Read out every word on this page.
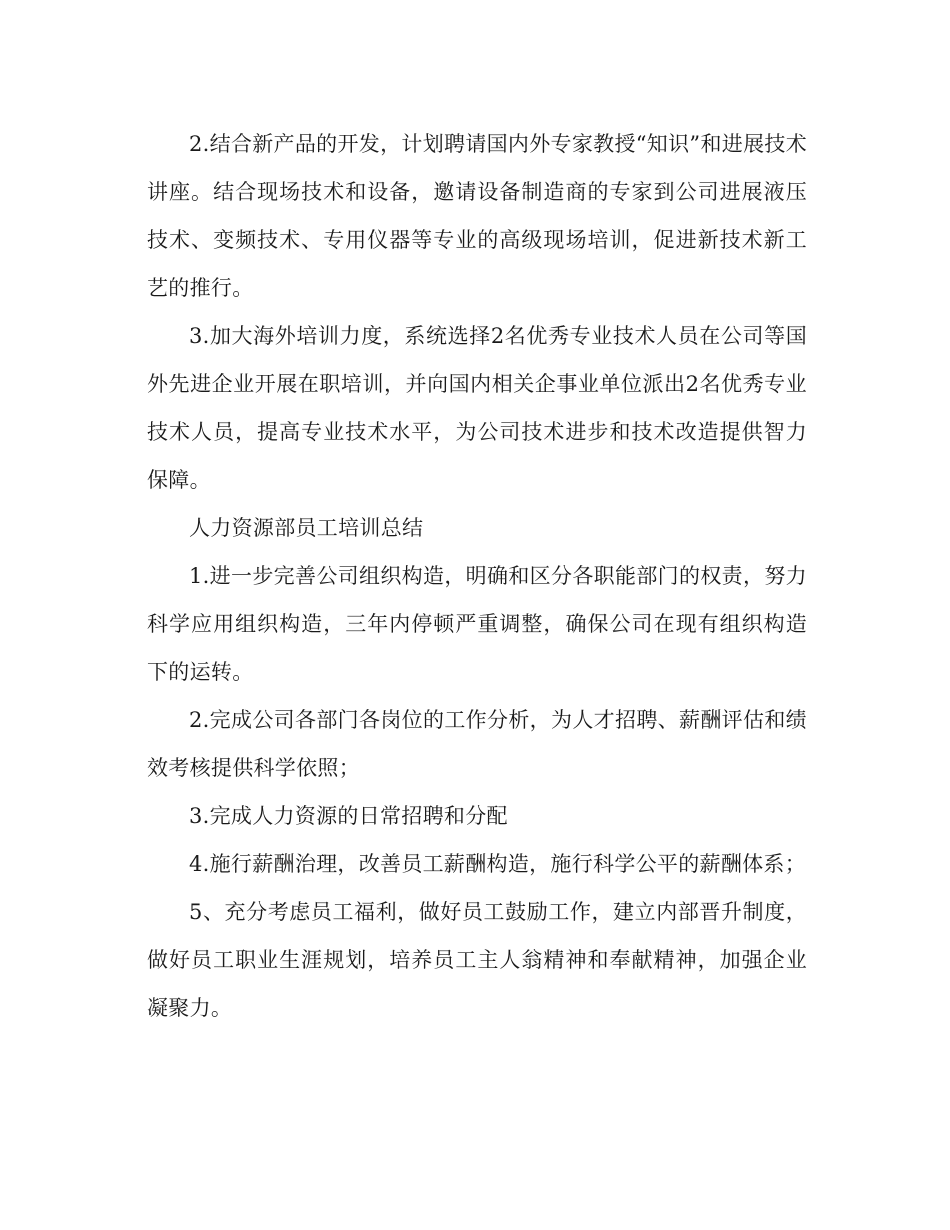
2.结合新产品的开发，计划聘请国内外专家教授“知识”和进展技术讲座。结合现场技术和设备，邀请设备制造商的专家到公司进展液压技术、变频技术、专用仪器等专业的高级现场培训，促进新技术新工艺的推行。

3.加大海外培训力度，系统选择2名优秀专业技术人员在公司等国外先进企业开展在职培训，并向国内相关企事业单位派出2名优秀专业技术人员，提高专业技术水平，为公司技术进步和技术改造提供智力保障。

人力资源部员工培训总结

1.进一步完善公司组织构造，明确和区分各职能部门的权责，努力科学应用组织构造，三年内停顿严重调整，确保公司在现有组织构造下的运转。

2.完成公司各部门各岗位的工作分析，为人才招聘、薪酬评估和绩效考核提供科学依照；

3.完成人力资源的日常招聘和分配

4.施行薪酬治理，改善员工薪酬构造，施行科学公平的薪酬体系；

5、充分考虑员工福利，做好员工鼓励工作，建立内部晋升制度，做好员工职业生涯规划，培养员工主人翁精神和奉献精神，加强企业凝聚力。
